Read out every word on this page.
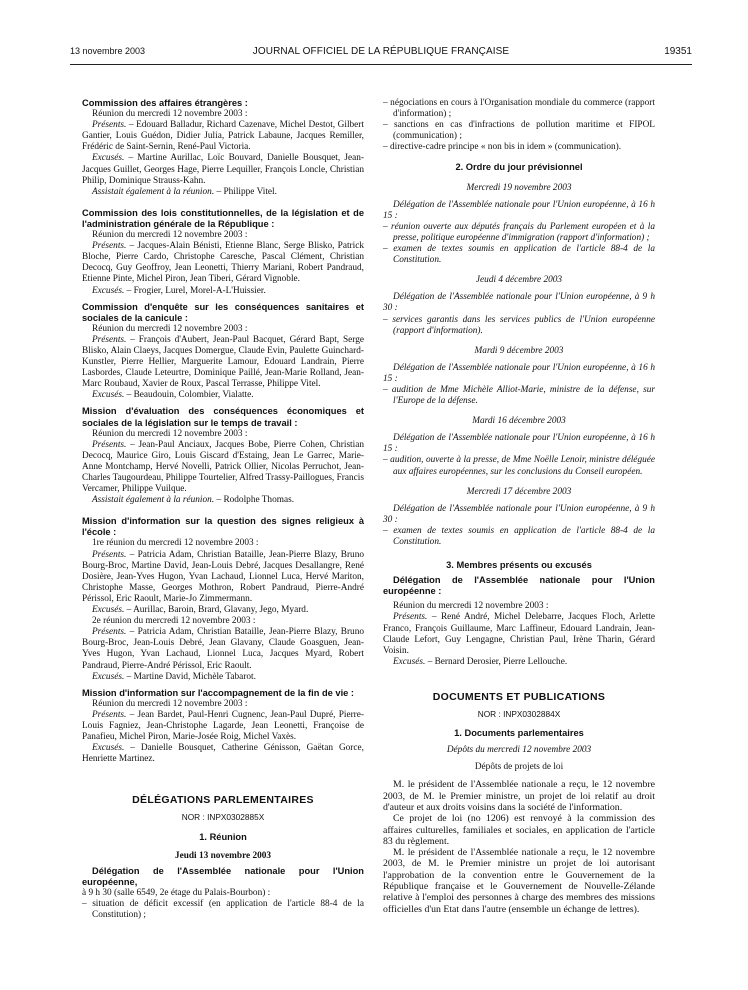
13 novembre 2003	JOURNAL OFFICIEL DE LA RÉPUBLIQUE FRANÇAISE	19351

Commission des affaires étrangères :

Réunion du mercredi 12 novembre 2003 :

Présents. – Edouard Balladur, Richard Cazenave, Michel Destot, Gilbert Gantier, Louis Guédon, Didier Julia, Patrick Labaune, Jacques Remiller, Frédéric de Saint-Sernin, René-Paul Victoria.

Excusés. – Martine Aurillac, Loïc Bouvard, Danielle Bousquet, Jean-Jacques Guillet, Georges Hage, Pierre Lequiller, François Loncle, Christian Philip, Dominique Strauss-Kahn.

Assistait également à la réunion. – Philippe Vitel.

Commission des lois constitutionnelles, de la législation et de l'administration générale de la République :

Réunion du mercredi 12 novembre 2003 :

Présents. – Jacques-Alain Bénisti, Etienne Blanc, Serge Blisko, Patrick Bloche, Pierre Cardo, Christophe Caresche, Pascal Clément, Christian Decocq, Guy Geoffroy, Jean Leonetti, Thierry Mariani, Robert Pandraud, Etienne Pinte, Michel Piron, Jean Tiberi, Gérard Vignoble.

Excusés. – Frogier, Lurel, Morel-A-L'Huissier.

Commission d'enquête sur les conséquences sanitaires et sociales de la canicule :

Réunion du mercredi 12 novembre 2003 :

Présents. – François d'Aubert, Jean-Paul Bacquet, Gérard Bapt, Serge Blisko, Alain Claeys, Jacques Domergue, Claude Evin, Paulette Guinchard-Kunstler, Pierre Hellier, Marguerite Lamour, Edouard Landrain, Pierre Lasbordes, Claude Leteurtre, Dominique Paillé, Jean-Marie Rolland, Jean-Marc Roubaud, Xavier de Roux, Pascal Terrasse, Philippe Vitel.

Excusés. – Beaudouin, Colombier, Vialatte.

Mission d'évaluation des conséquences économiques et sociales de la législation sur le temps de travail :

Réunion du mercredi 12 novembre 2003 :

Présents. – Jean-Paul Anciaux, Jacques Bobe, Pierre Cohen, Christian Decocq, Maurice Giro, Louis Giscard d'Estaing, Jean Le Garrec, Marie-Anne Montchamp, Hervé Novelli, Patrick Ollier, Nicolas Perruchot, Jean-Charles Taugourdeau, Philippe Tourtelier, Alfred Trassy-Paillogues, Francis Vercamer, Philippe Vuilque.

Assistait également à la réunion. – Rodolphe Thomas.

Mission d'information sur la question des signes religieux à l'école :

1re réunion du mercredi 12 novembre 2003 :

Présents. – Patricia Adam, Christian Bataille, Jean-Pierre Blazy, Bruno Bourg-Broc, Martine David, Jean-Louis Debré, Jacques Desallangre, René Dosière, Jean-Yves Hugon, Yvan Lachaud, Lionnel Luca, Hervé Mariton, Christophe Masse, Georges Mothron, Robert Pandraud, Pierre-André Périssol, Eric Raoult, Marie-Jo Zimmermann.

Excusés. – Aurillac, Baroin, Brard, Glavany, Jego, Myard.

2e réunion du mercredi 12 novembre 2003 :

Présents. – Patricia Adam, Christian Bataille, Jean-Pierre Blazy, Bruno Bourg-Broc, Jean-Louis Debré, Jean Glavany, Claude Goasguen, Jean-Yves Hugon, Yvan Lachaud, Lionnel Luca, Jacques Myard, Robert Pandraud, Pierre-André Périssol, Eric Raoult.

Excusés. – Martine David, Michèle Tabarot.

Mission d'information sur l'accompagnement de la fin de vie :

Réunion du mercredi 12 novembre 2003 :

Présents. – Jean Bardet, Paul-Henri Cugnenc, Jean-Paul Dupré, Pierre-Louis Fagniez, Jean-Christophe Lagarde, Jean Leonetti, Françoise de Panafieu, Michel Piron, Marie-Josée Roig, Michel Vaxès.

Excusés. – Danielle Bousquet, Catherine Génisson, Gaëtan Gorce, Henriette Martinez.

DÉLÉGATIONS PARLEMENTAIRES

NOR : INPX0302885X

1. Réunion

Jeudi 13 novembre 2003

Délégation de l'Assemblée nationale pour l'Union européenne,

à 9 h 30 (salle 6549, 2e étage du Palais-Bourbon) :

– situation de déficit excessif (en application de l'article 88-4 de la Constitution) ;
– négociations en cours à l'Organisation mondiale du commerce (rapport d'information) ;
– sanctions en cas d'infractions de pollution maritime et FIPOL (communication) ;
– directive-cadre principe « non bis in idem » (communication).

2. Ordre du jour prévisionnel

Mercredi 19 novembre 2003

Délégation de l'Assemblée nationale pour l'Union européenne, à 16 h 15 :

– réunion ouverte aux députés français du Parlement européen et à la presse, politique européenne d'immigration (rapport d'information) ;
– examen de textes soumis en application de l'article 88-4 de la Constitution.

Jeudi 4 décembre 2003

Délégation de l'Assemblée nationale pour l'Union européenne, à 9 h 30 :

– services garantis dans les services publics de l'Union européenne (rapport d'information).

Mardi 9 décembre 2003

Délégation de l'Assemblée nationale pour l'Union européenne, à 16 h 15 :

– audition de Mme Michèle Alliot-Marie, ministre de la défense, sur l'Europe de la défense.

Mardi 16 décembre 2003

Délégation de l'Assemblée nationale pour l'Union européenne, à 16 h 15 :

– audition, ouverte à la presse, de Mme Noëlle Lenoir, ministre déléguée aux affaires européennes, sur les conclusions du Conseil européen.

Mercredi 17 décembre 2003

Délégation de l'Assemblée nationale pour l'Union européenne, à 9 h 30 :

– examen de textes soumis en application de l'article 88-4 de la Constitution.

3. Membres présents ou excusés

Délégation de l'Assemblée nationale pour l'Union européenne :

Réunion du mercredi 12 novembre 2003 :

Présents. – René André, Michel Delebarre, Jacques Floch, Arlette Franco, François Guillaume, Marc Laffineur, Edouard Landrain, Jean-Claude Lefort, Guy Lengagne, Christian Paul, Irène Tharin, Gérard Voisin.

Excusés. – Bernard Derosier, Pierre Lellouche.

DOCUMENTS ET PUBLICATIONS

NOR : INPX0302884X

1. Documents parlementaires

Dépôts du mercredi 12 novembre 2003

Dépôts de projets de loi

M. le président de l'Assemblée nationale a reçu, le 12 novembre 2003, de M. le Premier ministre, un projet de loi relatif au droit d'auteur et aux droits voisins dans la société de l'information.

Ce projet de loi (no 1206) est renvoyé à la commission des affaires culturelles, familiales et sociales, en application de l'article 83 du règlement.

M. le président de l'Assemblée nationale a reçu, le 12 novembre 2003, de M. le Premier ministre un projet de loi autorisant l'approbation de la convention entre le Gouvernement de la République française et le Gouvernement de Nouvelle-Zélande relative à l'emploi des personnes à charge des membres des missions officielles d'un Etat dans l'autre (ensemble un échange de lettres).
